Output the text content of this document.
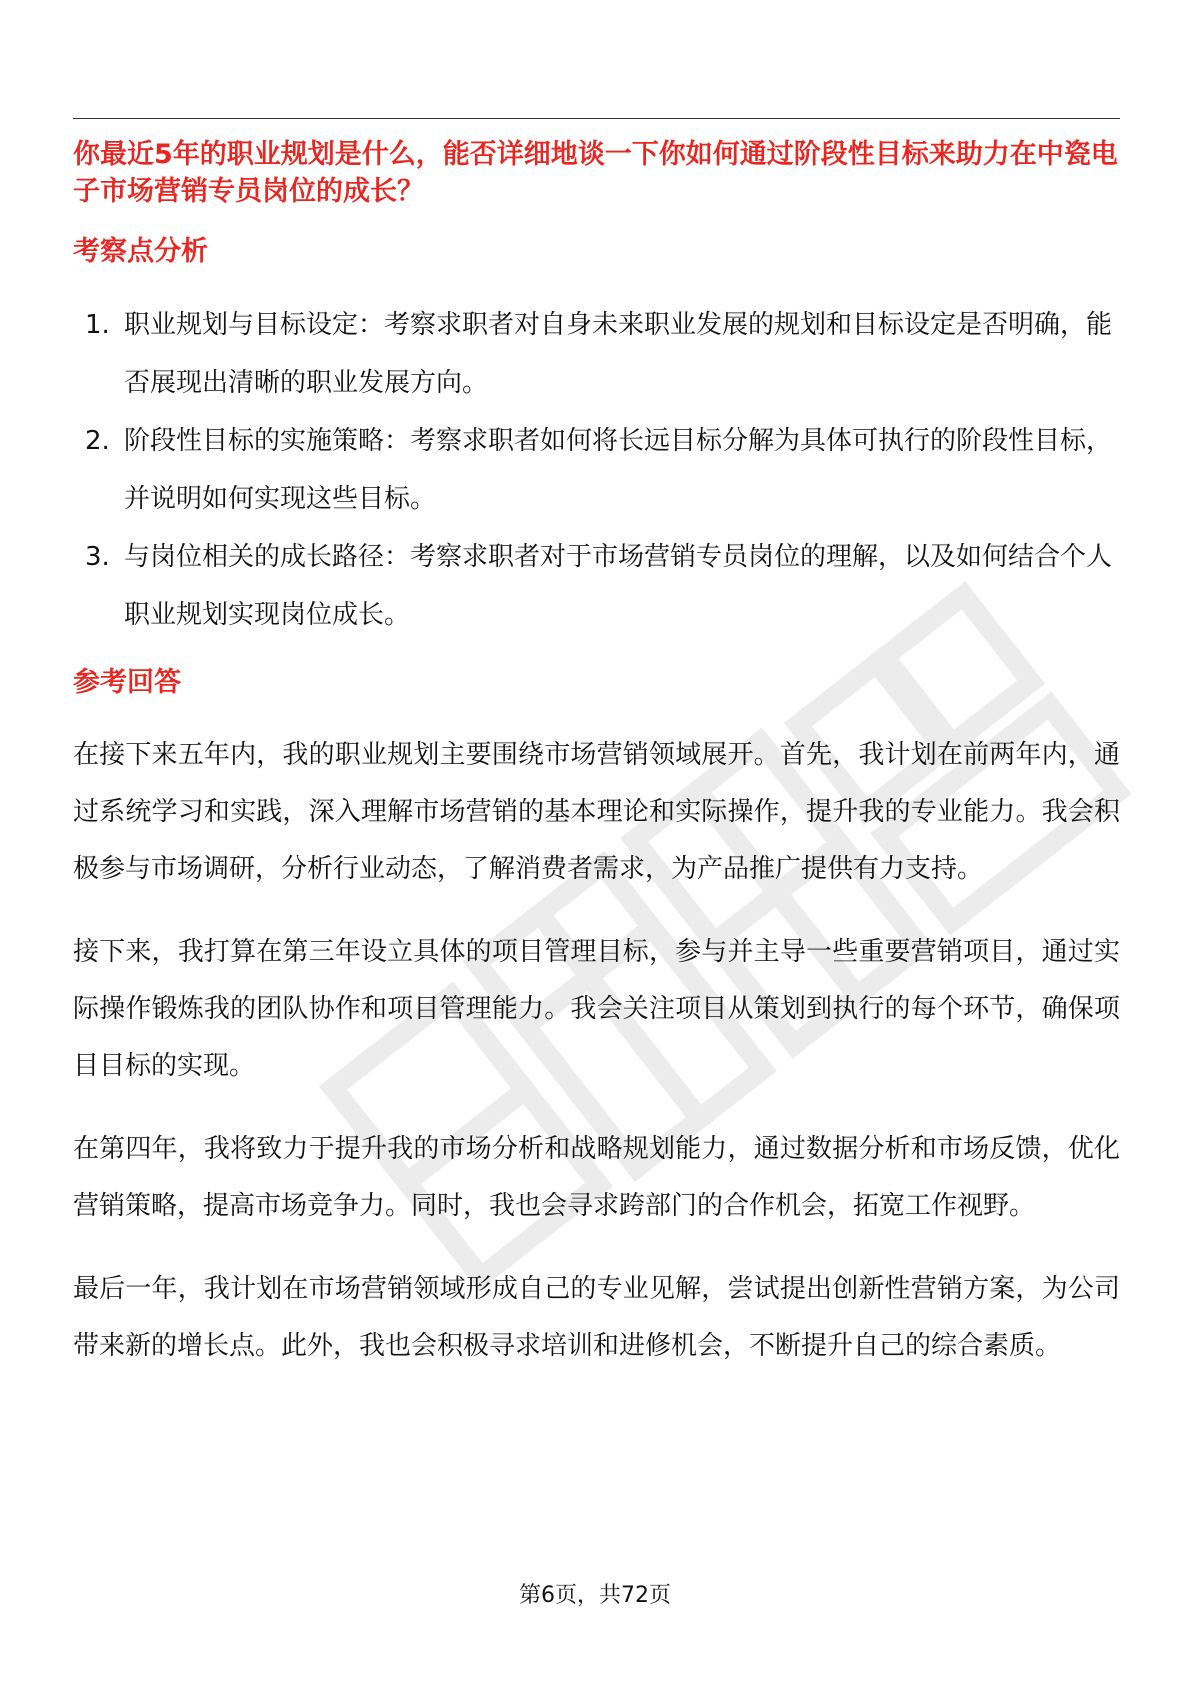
你最近5年的职业规划是什么，能否详细地谈一下你如何通过阶段性目标来助力在中瓷电子市场营销专员岗位的成长？
考察点分析
1. 职业规划与目标设定：考察求职者对自身未来职业发展的规划和目标设定是否明确，能否展现出清晰的职业发展方向。
2. 阶段性目标的实施策略：考察求职者如何将长远目标分解为具体可执行的阶段性目标，并说明如何实现这些目标。
3. 与岗位相关的成长路径：考察求职者对于市场营销专员岗位的理解，以及如何结合个人职业规划实现岗位成长。
参考回答

在接下来五年内，我的职业规划主要围绕市场营销领域展开。首先，我计划在前两年内，通过系统学习和实践，深入理解市场营销的基本理论和实际操作，提升我的专业能力。我会积极参与市场调研，分析行业动态，了解消费者需求，为产品推广提供有力支持。

接下来，我打算在第三年设立具体的项目管理目标，参与并主导一些重要营销项目，通过实际操作锻炼我的团队协作和项目管理能力。我会关注项目从策划到执行的每个环节，确保项目目标的实现。

在第四年，我将致力于提升我的市场分析和战略规划能力，通过数据分析和市场反馈，优化营销策略，提高市场竞争力。同时，我也会寻求跨部门的合作机会，拓宽工作视野。

最后一年，我计划在市场营销领域形成自己的专业见解，尝试提出创新性营销方案，为公司带来新的增长点。此外，我也会积极寻求培训和进修机会，不断提升自己的综合素质。

第6页，共72页
